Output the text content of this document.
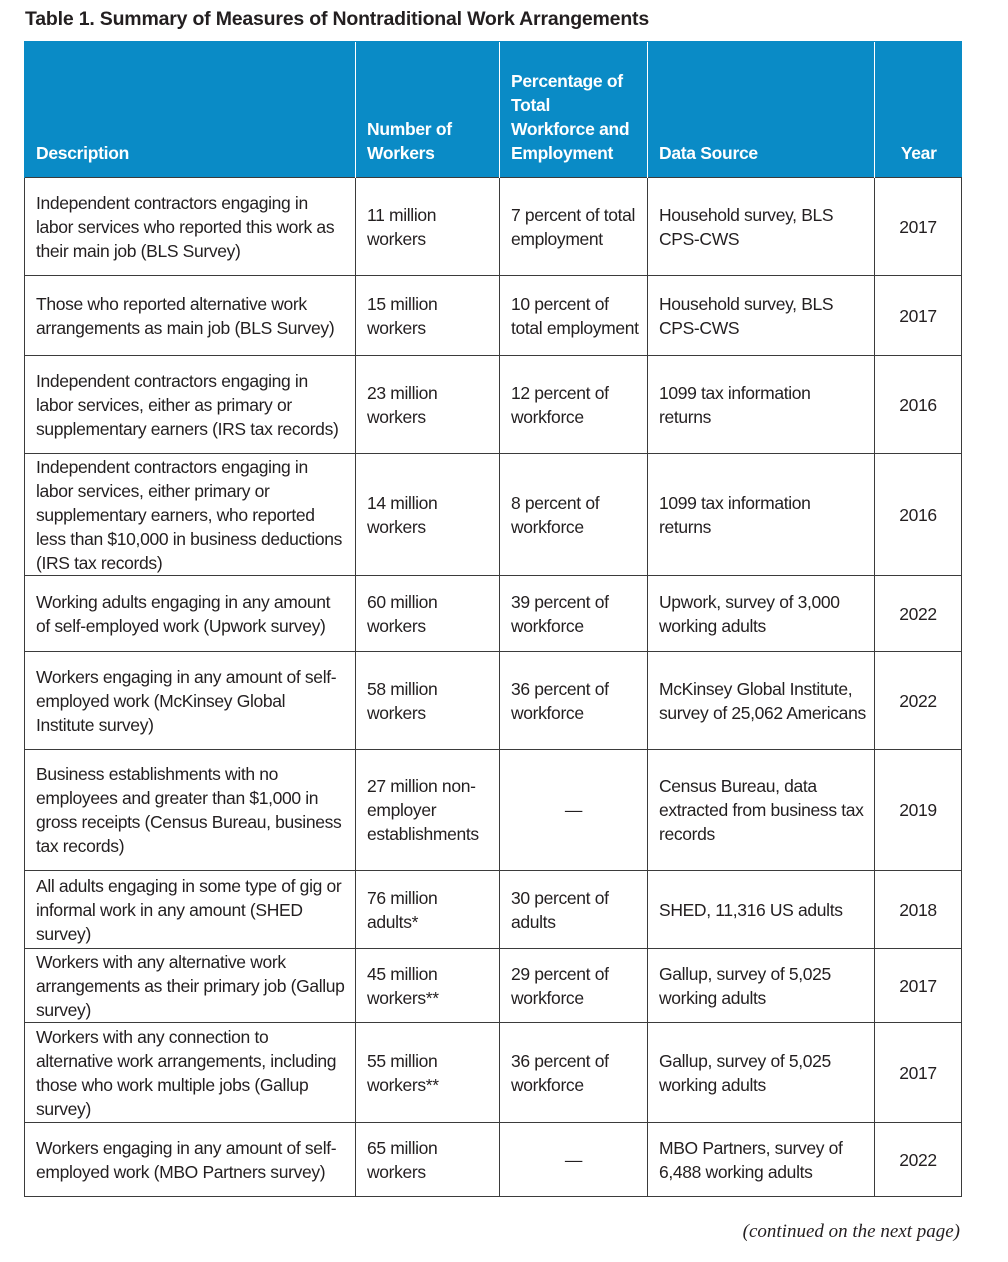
Table 1. Summary of Measures of Nontraditional Work Arrangements
Description	Number of Workers	Percentage of Total Workforce and Employment	Data Source	Year
Independent contractors engaging in labor services who reported this work as their main job (BLS Survey)	11 million workers	7 percent of total employment	Household survey, BLS CPS-CWS	2017
Those who reported alternative work arrangements as main job (BLS Survey)	15 million workers	10 percent of total employment	Household survey, BLS CPS-CWS	2017
Independent contractors engaging in labor services, either as primary or supplementary earners (IRS tax records)	23 million workers	12 percent of workforce	1099 tax information returns	2016
Independent contractors engaging in labor services, either primary or supplementary earners, who reported less than $10,000 in business deductions (IRS tax records)	14 million workers	8 percent of workforce	1099 tax information returns	2016
Working adults engaging in any amount of self-employed work (Upwork survey)	60 million workers	39 percent of workforce	Upwork, survey of 3,000 working adults	2022
Workers engaging in any amount of self-employed work (McKinsey Global Institute survey)	58 million workers	36 percent of workforce	McKinsey Global Institute, survey of 25,062 Americans	2022
Business establishments with no employees and greater than $1,000 in gross receipts (Census Bureau, business tax records)	27 million non-employer establishments	—	Census Bureau, data extracted from business tax records	2019
All adults engaging in some type of gig or informal work in any amount (SHED survey)	76 million adults*	30 percent of adults	SHED, 11,316 US adults	2018
Workers with any alternative work arrangements as their primary job (Gallup survey)	45 million workers**	29 percent of workforce	Gallup, survey of 5,025 working adults	2017
Workers with any connection to alternative work arrangements, including those who work multiple jobs (Gallup survey)	55 million workers**	36 percent of workforce	Gallup, survey of 5,025 working adults	2017
Workers engaging in any amount of self-employed work (MBO Partners survey)	65 million workers	—	MBO Partners, survey of 6,488 working adults	2022
(continued on the next page)
